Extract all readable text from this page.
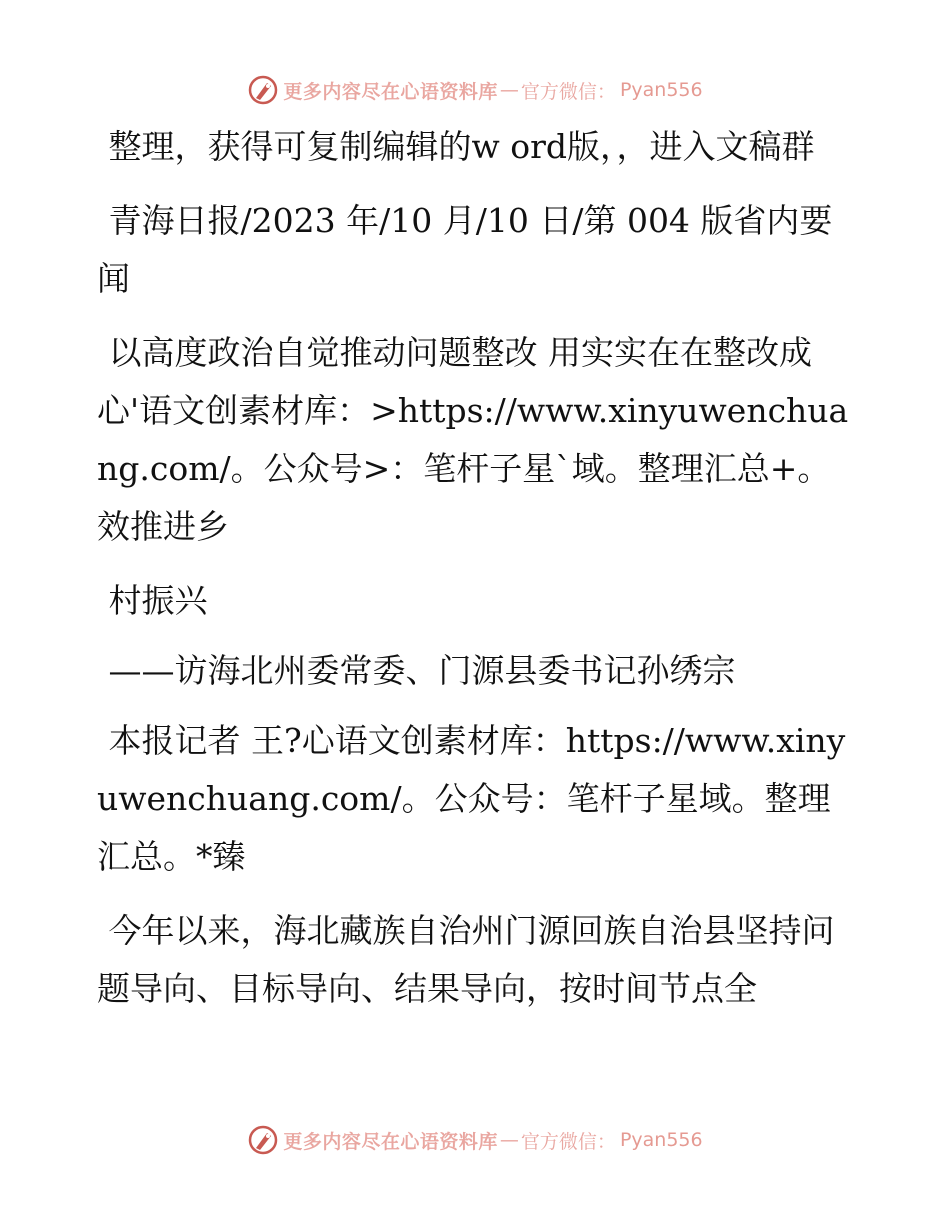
更多内容尽在心语资料库 — 官方微信： Pyan556

整理，获得可复制编辑的w ord版，，进入文稿群

青海日报/2023 年/10 月/10 日/第 004 版省内要闻

以高度政治自觉推动问题整改 用实实在在整改成心'语文创素材库：>https://www.xinyuwenchuang.com/。公众号>：笔杆子星`域。整理汇总+。效推进乡

村振兴

——访海北州委常委、门源县委书记孙绣宗

本报记者 王?心语文创素材库：https://www.xinyuwenchuang.com/。公众号：笔杆子星域。整理汇总。*臻

今年以来，海北藏族自治州门源回族自治县坚持问题导向、目标导向、结果导向，按时间节点全

更多内容尽在心语资料库 — 官方微信： Pyan556
